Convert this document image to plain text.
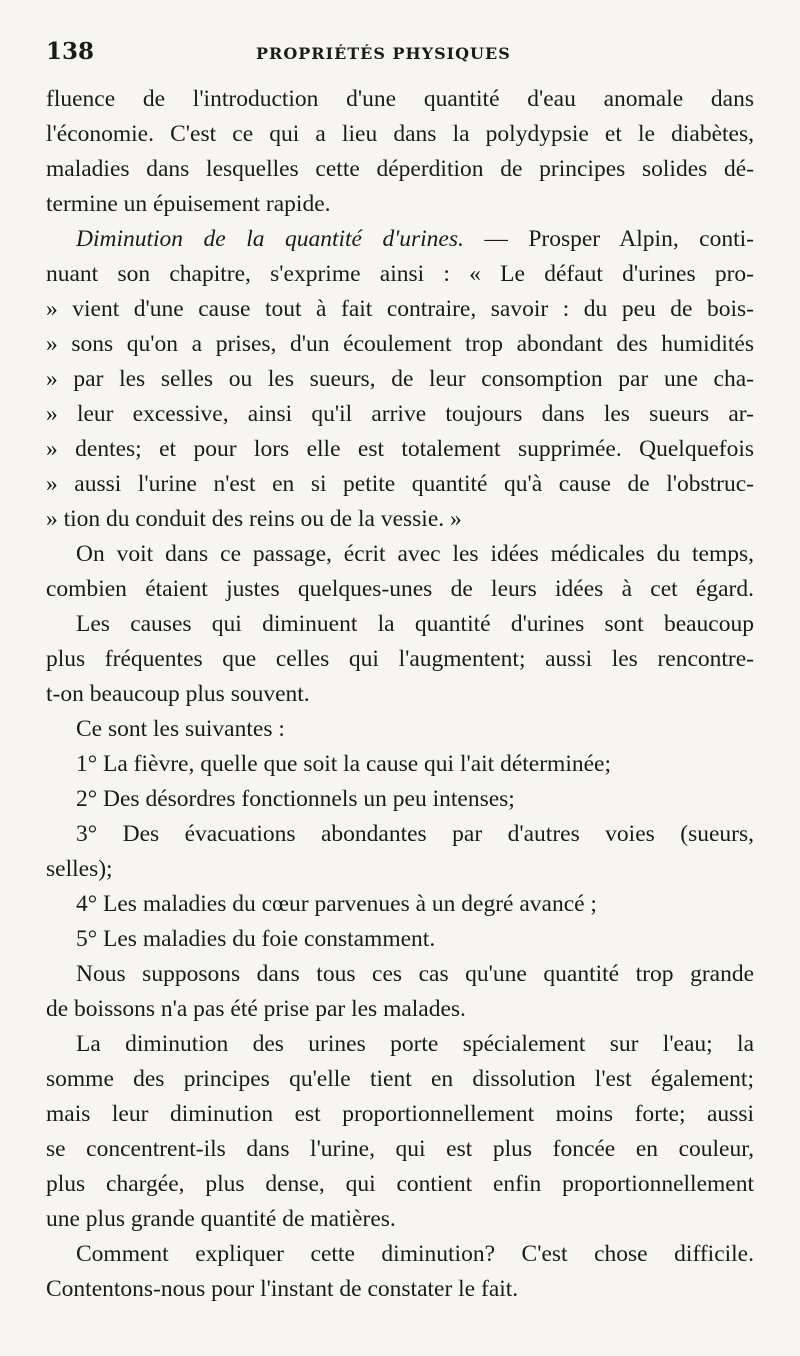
138	PROPRIÉTÉS PHYSIQUES
fluence de l'introduction d'une quantité d'eau anomale dans
l'économie. C'est ce qui a lieu dans la polydypsie et le diabètes,
maladies dans lesquelles cette déperdition de principes solides dé-
termine un épuisement rapide.
Diminution de la quantité d'urines. — Prosper Alpin, conti-
nuant son chapitre, s'exprime ainsi : « Le défaut d'urines pro-
» vient d'une cause tout à fait contraire, savoir : du peu de bois-
» sons qu'on a prises, d'un écoulement trop abondant des humidités
» par les selles ou les sueurs, de leur consomption par une cha-
» leur excessive, ainsi qu'il arrive toujours dans les sueurs ar-
» dentes; et pour lors elle est totalement supprimée. Quelquefois
» aussi l'urine n'est en si petite quantité qu'à cause de l'obstruc-
» tion du conduit des reins ou de la vessie. »
On voit dans ce passage, écrit avec les idées médicales du temps,
combien étaient justes quelques-unes de leurs idées à cet égard.
Les causes qui diminuent la quantité d'urines sont beaucoup
plus fréquentes que celles qui l'augmentent; aussi les rencontre-
t-on beaucoup plus souvent.
Ce sont les suivantes :
1° La fièvre, quelle que soit la cause qui l'ait déterminée;
2° Des désordres fonctionnels un peu intenses;
3° Des évacuations abondantes par d'autres voies (sueurs,
selles);
4° Les maladies du cœur parvenues à un degré avancé ;
5° Les maladies du foie constamment.
Nous supposons dans tous ces cas qu'une quantité trop grande
de boissons n'a pas été prise par les malades.
La diminution des urines porte spécialement sur l'eau; la
somme des principes qu'elle tient en dissolution l'est également;
mais leur diminution est proportionnellement moins forte; aussi
se concentrent-ils dans l'urine, qui est plus foncée en couleur,
plus chargée, plus dense, qui contient enfin proportionnellement
une plus grande quantité de matières.
Comment expliquer cette diminution? C'est chose difficile.
Contentons-nous pour l'instant de constater le fait.
